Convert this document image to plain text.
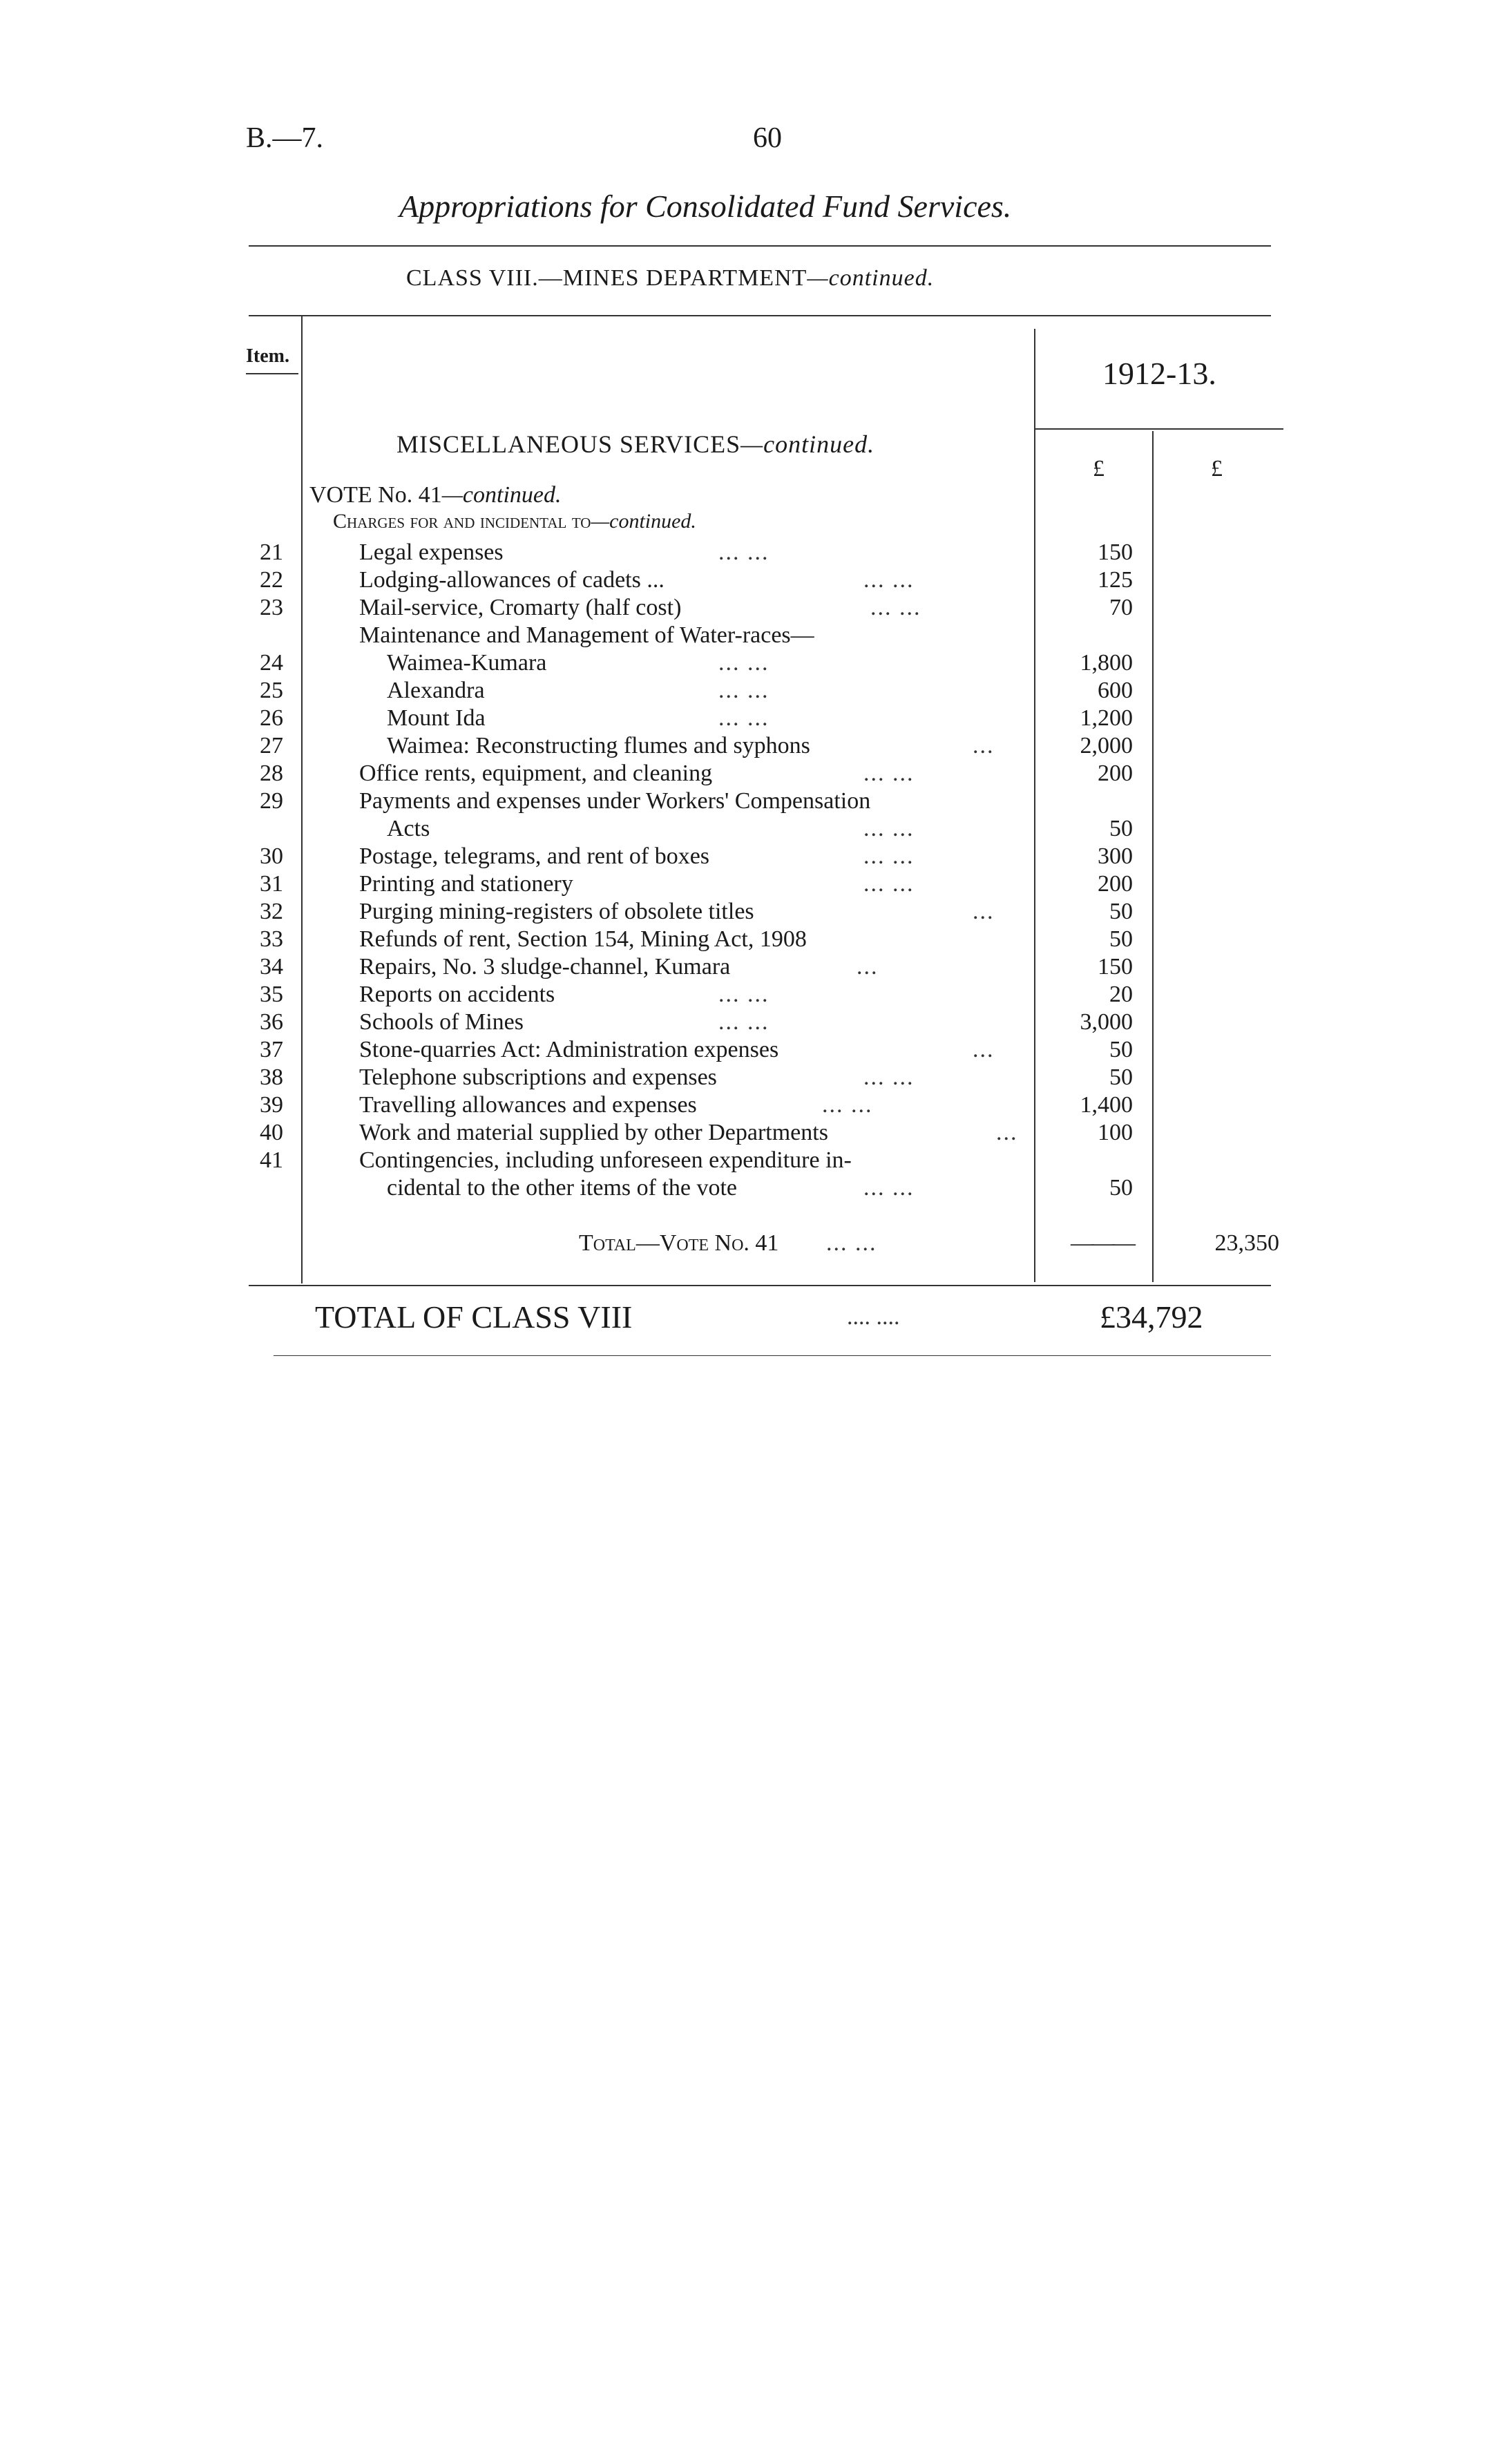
B.—7.	60
Appropriations for Consolidated Fund Services.
CLASS VIII.—MINES DEPARTMENT—continued.
Item.	1912-13.
£	£
MISCELLANEOUS SERVICES—continued.
VOTE No. 41—continued.
Charges for and incidental to—continued.
21	Legal expenses	... ...	150
22	Lodging-allowances of cadets ...	... ...	125
23	Mail-service, Cromarty (half cost)	... ...	70
Maintenance and Management of Water-races—
24	Waimea-Kumara	... ...	1,800
25	Alexandra	... ...	600
26	Mount Ida	... ...	1,200
27	Waimea: Reconstructing flumes and syphons	...	2,000
28	Office rents, equipment, and cleaning	... ...	200
29	Payments and expenses under Workers' Compensation
Acts	... ...	50
30	Postage, telegrams, and rent of boxes	... ...	300
31	Printing and stationery	... ...	200
32	Purging mining-registers of obsolete titles	...	50
33	Refunds of rent, Section 154, Mining Act, 1908	50
34	Repairs, No. 3 sludge-channel, Kumara	...	150
35	Reports on accidents	... ...	20
36	Schools of Mines	... ...	3,000
37	Stone-quarries Act: Administration expenses	...	50
38	Telephone subscriptions and expenses	... ...	50
39	Travelling allowances and expenses	... ...	1,400
40	Work and material supplied by other Departments	...	100
41	Contingencies, including unforeseen expenditure in-
cidental to the other items of the vote	... ...	50
Total—Vote No. 41 ... ...	———	23,350
TOTAL OF CLASS VIII	.... ....	£34,792
